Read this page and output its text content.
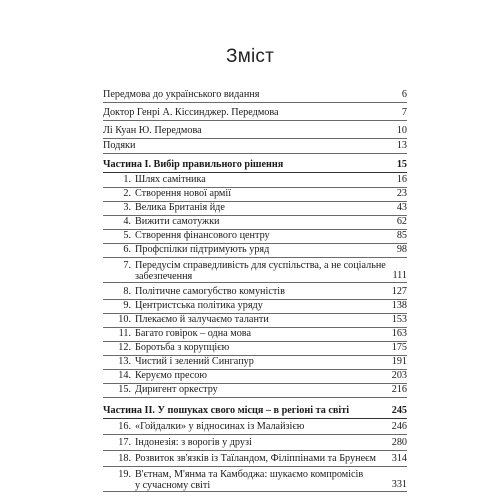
Зміст
Передмова до українського видання	6
Доктор Генрі А. Кіссинджер. Передмова	7
Лі Куан Ю. Передмова	10
Подяки	13
Частина I. Вибір правильного рішення	15
1. Шлях самітника	16
2. Створення нової армії	23
3. Велика Британія йде	43
4. Вижити самотужки	62
5. Створення фінансового центру	85
6. Профспілки підтримують уряд	98
7. Передусім справедливість для суспільства, а не соціальне
забезпечення	111
8. Політичне самогубство комуністів	127
9. Центристська політика уряду	138
10. Плекаємо й залучаємо таланти	153
11. Багато говірок – одна мова	163
12. Боротьба з корупцією	175
13. Чистий і зелений Сингапур	191
14. Керуємо пресою	203
15. Диригент оркестру	216
Частина II. У пошуках свого місця – в регіоні та світі	245
16. «Гойдалки» у відносинах із Малайзією	246
17. Індонезія: з ворогів у друзі	280
18. Розвиток зв'язків із Таїландом, Філіппінами та Брунеєм 314
19. В'єтнам, М'янма та Камбоджа: шукаємо компромісів
у сучасному світі	331
